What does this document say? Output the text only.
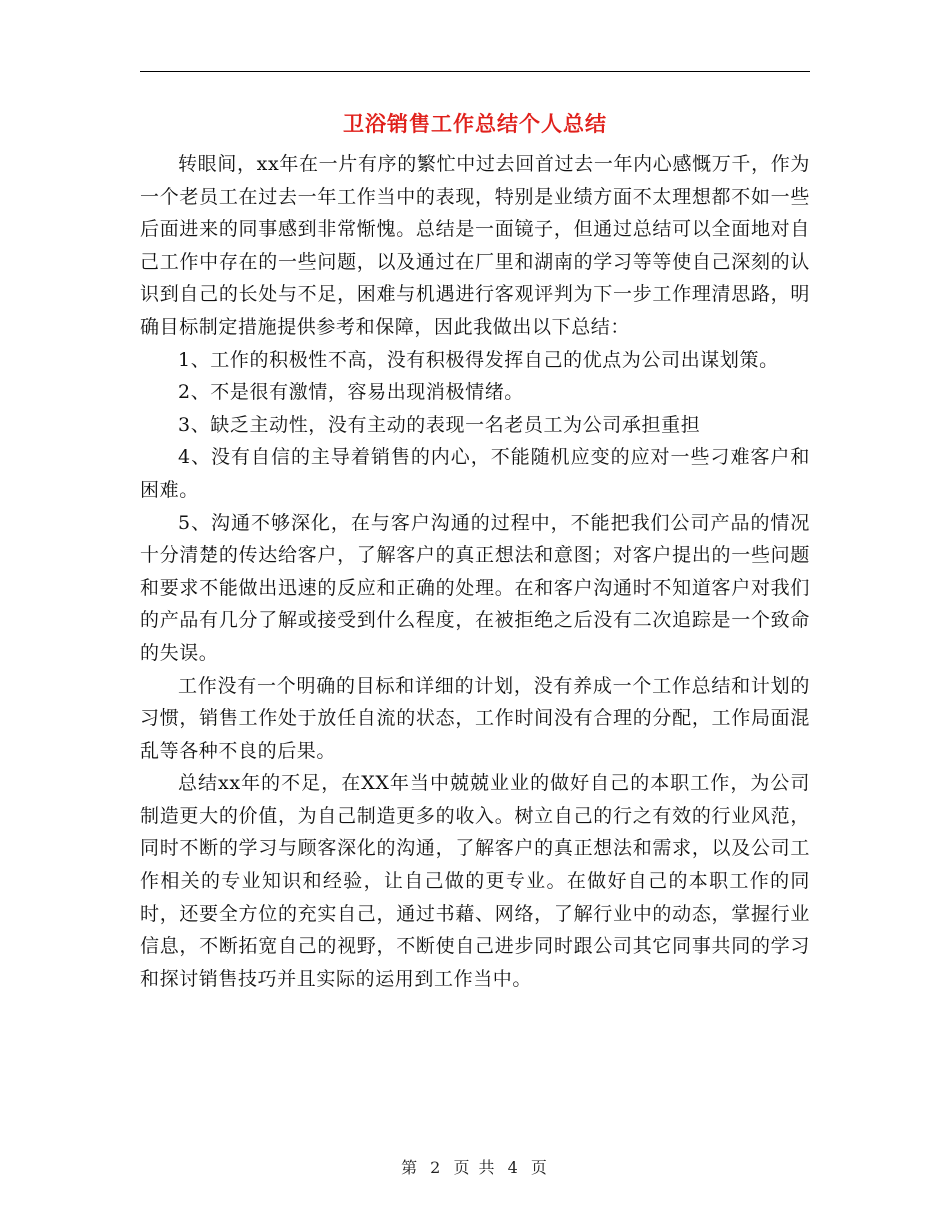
卫浴销售工作总结个人总结

转眼间，xx年在一片有序的繁忙中过去回首过去一年内心感慨万千，作为一个老员工在过去一年工作当中的表现，特别是业绩方面不太理想都不如一些后面进来的同事感到非常惭愧。总结是一面镜子，但通过总结可以全面地对自己工作中存在的一些问题，以及通过在厂里和湖南的学习等等使自己深刻的认识到自己的长处与不足，困难与机遇进行客观评判为下一步工作理清思路，明确目标制定措施提供参考和保障，因此我做出以下总结：

1、工作的积极性不高，没有积极得发挥自己的优点为公司出谋划策。

2、不是很有激情，容易出现消极情绪。

3、缺乏主动性，没有主动的表现一名老员工为公司承担重担

4、没有自信的主导着销售的内心，不能随机应变的应对一些刁难客户和困难。

5、沟通不够深化，在与客户沟通的过程中，不能把我们公司产品的情况十分清楚的传达给客户，了解客户的真正想法和意图；对客户提出的一些问题和要求不能做出迅速的反应和正确的处理。在和客户沟通时不知道客户对我们的产品有几分了解或接受到什么程度，在被拒绝之后没有二次追踪是一个致命的失误。

工作没有一个明确的目标和详细的计划，没有养成一个工作总结和计划的习惯，销售工作处于放任自流的状态，工作时间没有合理的分配，工作局面混乱等各种不良的后果。

总结xx年的不足，在XX年当中兢兢业业的做好自己的本职工作，为公司制造更大的价值，为自己制造更多的收入。树立自己的行之有效的行业风范，同时不断的学习与顾客深化的沟通，了解客户的真正想法和需求，以及公司工作相关的专业知识和经验，让自己做的更专业。在做好自己的本职工作的同时，还要全方位的充实自己，通过书藉、网络，了解行业中的动态，掌握行业信息，不断拓宽自己的视野，不断使自己进步同时跟公司其它同事共同的学习和探讨销售技巧并且实际的运用到工作当中。

第 2 页 共 4 页
